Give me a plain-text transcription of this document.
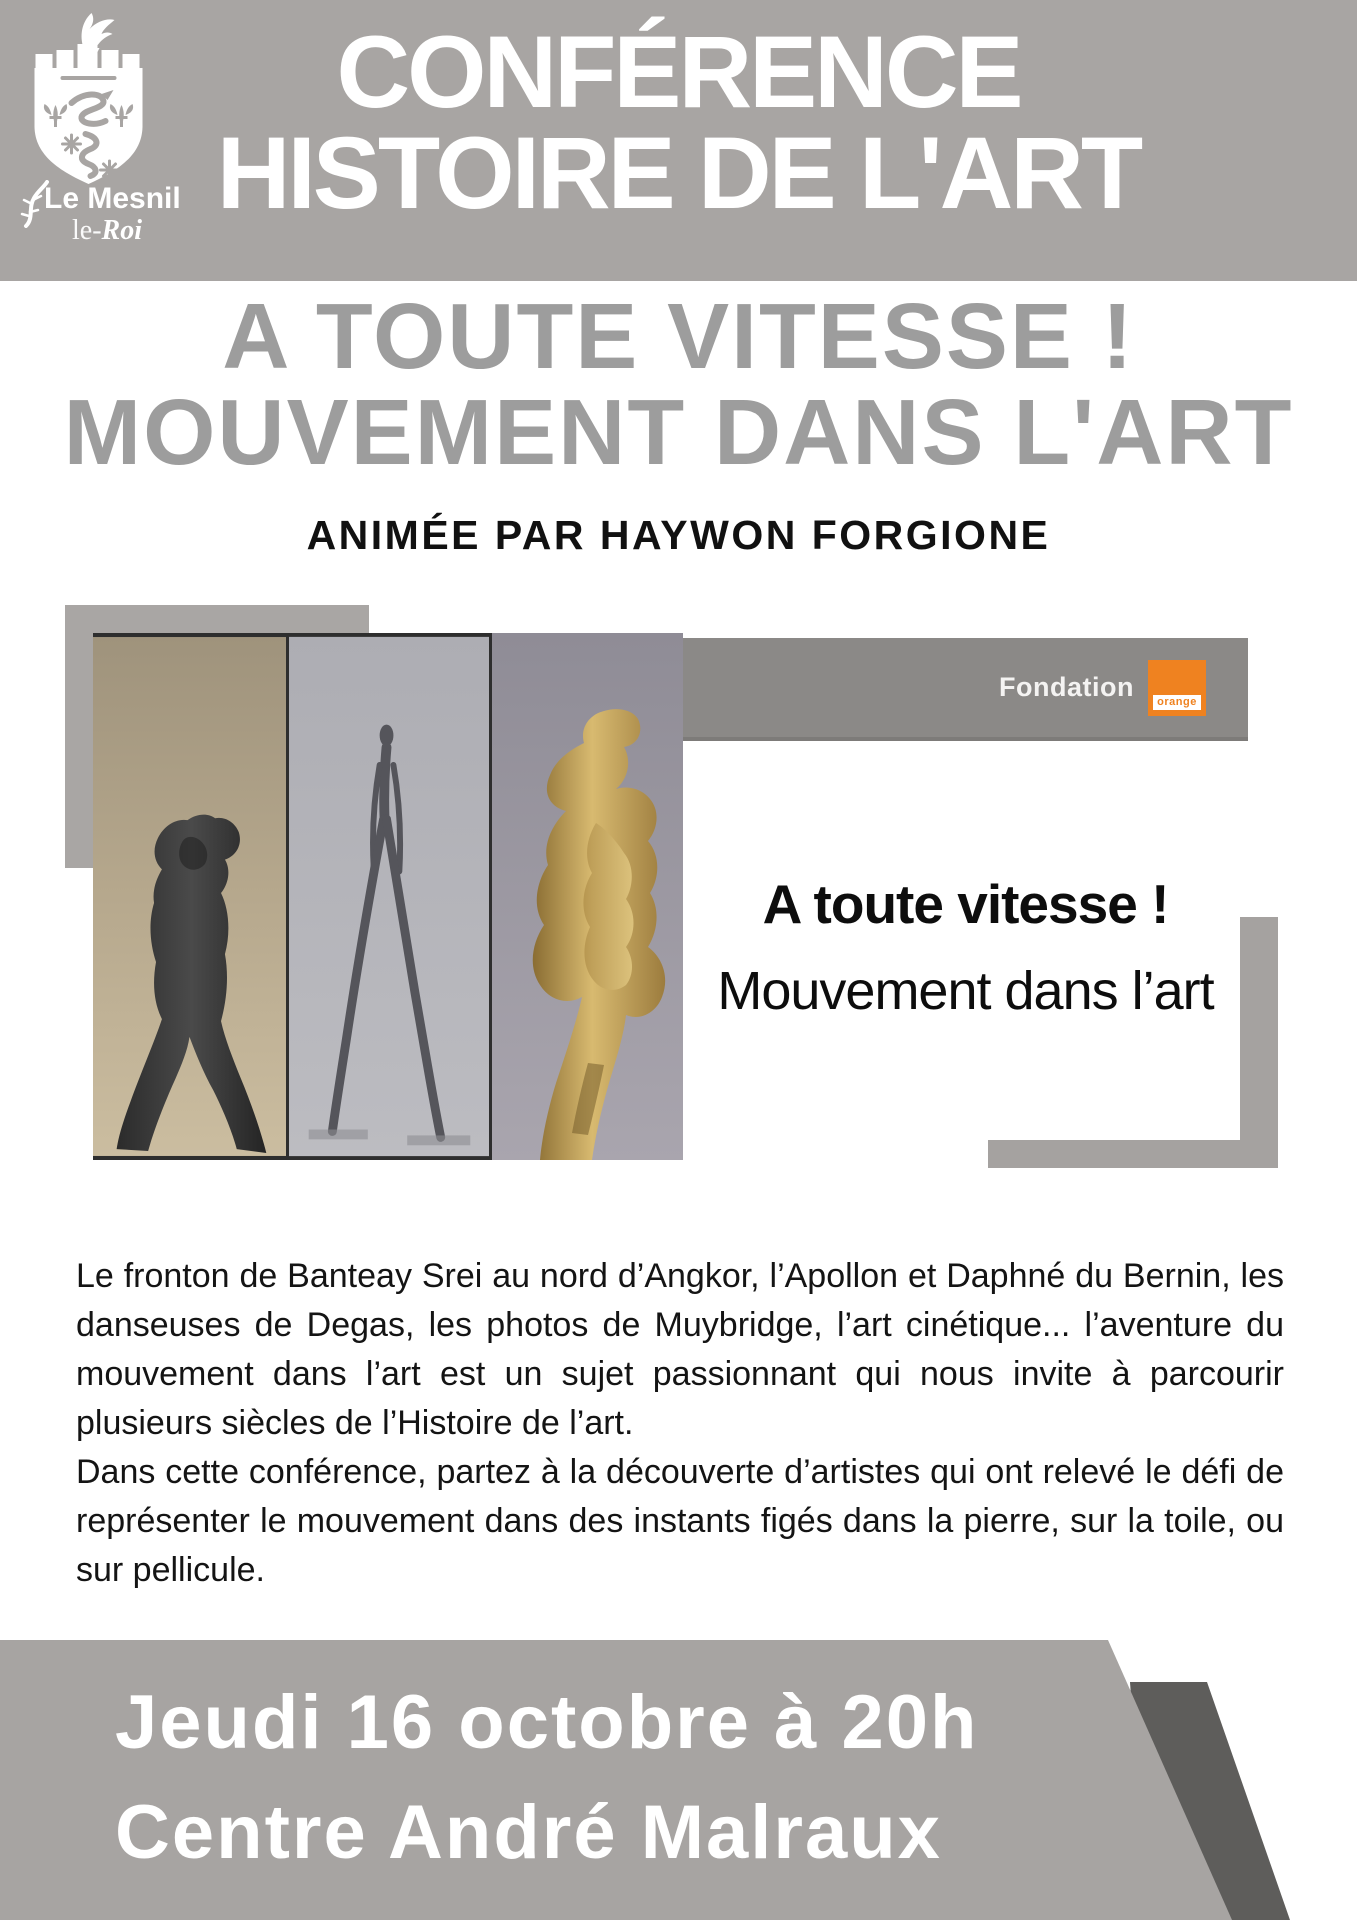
Le Mesnil
le-Roi
CONFÉRENCE
HISTOIRE DE L'ART
A TOUTE VITESSE !
MOUVEMENT DANS L'ART
ANIMÉE PAR HAYWON FORGIONE
Fondation	orange
A toute vitesse !
Mouvement dans l’art

Le fronton de Banteay Srei au nord d’Angkor, l’Apollon et Daphné du Bernin, les danseuses de Degas, les photos de Muybridge, l’art cinétique... l’aventure du mouvement dans l’art est un sujet passionnant qui nous invite à parcourir plusieurs siècles de l’Histoire de l’art.

Dans cette conférence, partez à la découverte d’artistes qui ont relevé le défi de représenter le mouvement dans des instants figés dans la pierre, sur la toile, ou sur pellicule.

Jeudi 16 octobre à 20h
Centre André Malraux
